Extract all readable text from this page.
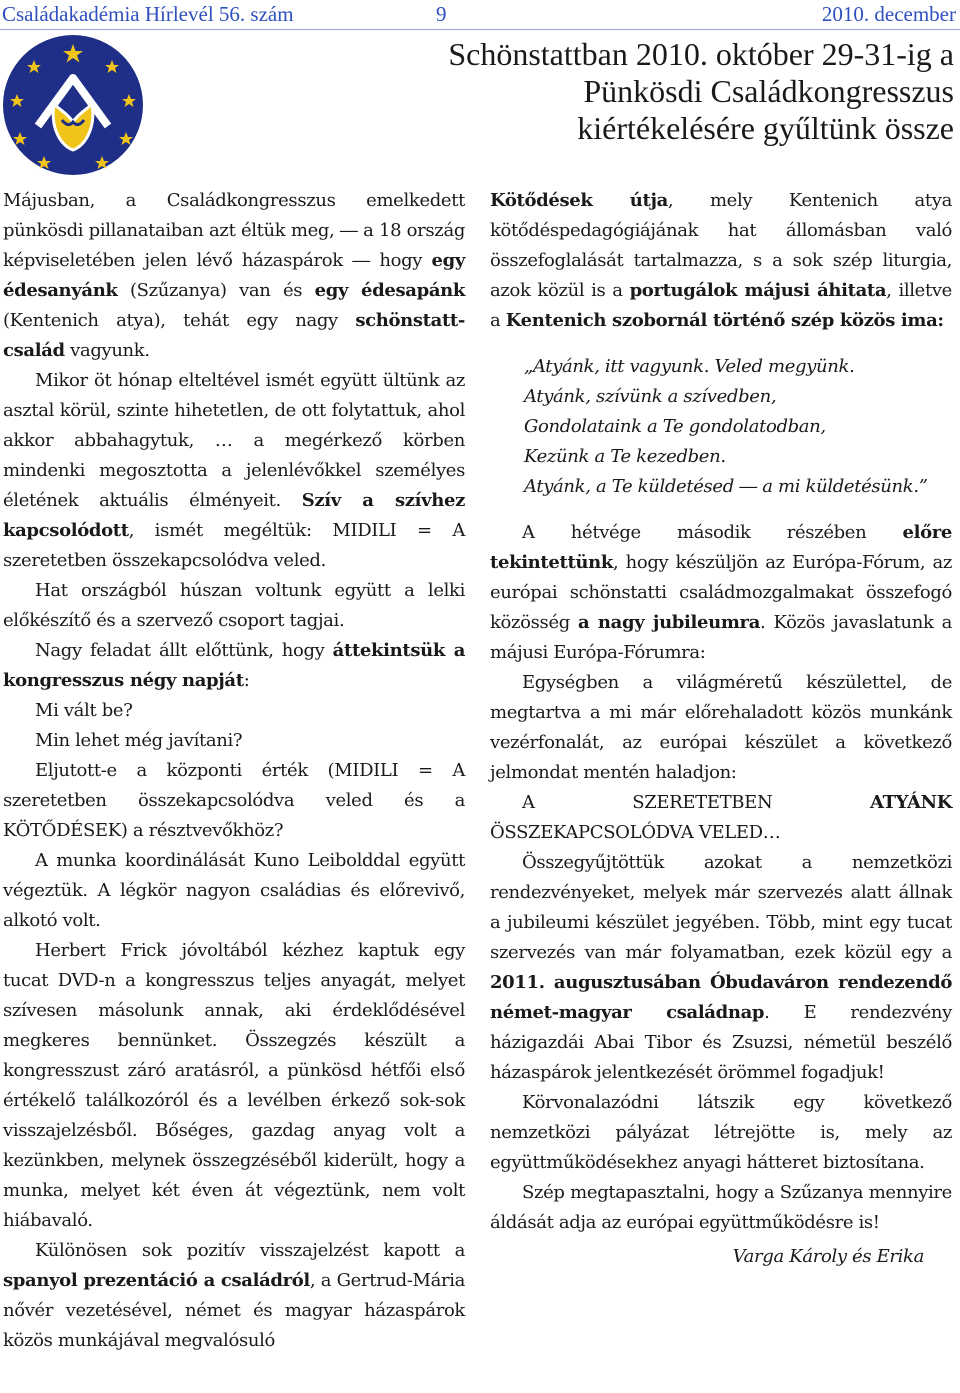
Családakadémia Hírlevél 56. szám	9	2010. december
Schönstattban 2010. október 29-31-ig a
Pünkösdi Családkongresszus
kiértékelésére gyűltünk össze

Májusban, a Családkongresszus emelkedett pünkösdi pillanataiban azt éltük meg, ― a 18 ország képviseletében jelen lévő házaspárok ― hogy egy édesanyánk (Szűzanya) van és egy édesapánk (Kentenich atya), tehát egy nagy schönstatt-család vagyunk.

Mikor öt hónap elteltével ismét együtt ültünk az asztal körül, szinte hihetetlen, de ott folytattuk, ahol akkor abbahagytuk, … a megérkező körben mindenki megosztotta a jelenlévőkkel személyes életének aktuális élményeit. Szív a szívhez kapcsolódott, ismét megéltük: MIDILI = A szeretetben összekapcsolódva veled.

Hat országból húszan voltunk együtt a lelki előkészítő és a szervező csoport tagjai.

Nagy feladat állt előttünk, hogy áttekintsük a kongresszus négy napját:

Mi vált be?

Min lehet még javítani?

Eljutott-e a központi érték (MIDILI = A szeretetben összekapcsolódva veled és a KÖTŐDÉSEK) a résztvevőkhöz?

A munka koordinálását Kuno Leibolddal együtt végeztük. A légkör nagyon családias és előrevivő, alkotó volt.

Herbert Frick jóvoltából kézhez kaptuk egy tucat DVD-n a kongresszus teljes anyagát, melyet szívesen másolunk annak, aki érdeklődésével megkeres bennünket. Összegzés készült a kongresszust záró aratásról, a pünkösd hétfői első értékelő találkozóról és a levélben érkező sok-sok visszajelzésből. Bőséges, gazdag anyag volt a kezünkben, melynek összegzéséből kiderült, hogy a munka, melyet két éven át végeztünk, nem volt hiábavaló.

Különösen sok pozitív visszajelzést kapott a spanyol prezentáció a családról, a Gertrud-Mária nővér vezetésével, német és magyar házaspárok közös munkájával megvalósuló

Kötődések útja, mely Kentenich atya kötődéspedagógiájának hat állomásban való összefoglalását tartalmazza, s a sok szép liturgia, azok közül is a portugálok májusi áhitata, illetve a Kentenich szobornál történő szép közös ima:

„Atyánk, itt vagyunk. Veled megyünk.

Atyánk, szívünk a szívedben,

Gondolataink a Te gondolatodban,

Kezünk a Te kezedben.

Atyánk, a Te küldetésed ― a mi küldetésünk.”

A hétvége második részében előre tekintettünk, hogy készüljön az Európa-Fórum, az európai schönstatti családmozgalmakat összefogó közösség a nagy jubileumra. Közös javaslatunk a májusi Európa-Fórumra:

Egységben a világméretű készülettel, de megtartva a mi már előrehaladott közös munkánk vezérfonalát, az európai készület a következő jelmondat mentén haladjon:

A SZERETETBEN ATYÁNK ÖSSZEKAPCSOLÓDVA VELED…

Összegyűjtöttük azokat a nemzetközi rendezvényeket, melyek már szervezés alatt állnak a jubileumi készület jegyében. Több, mint egy tucat szervezés van már folyamatban, ezek közül egy a 2011. augusztusában Óbudaváron rendezendő német-magyar családnap. E rendezvény házigazdái Abai Tibor és Zsuzsi, németül beszélő házaspárok jelentkezését örömmel fogadjuk!

Körvonalazódni látszik egy következő nemzetközi pályázat létrejötte is, mely az együttműködésekhez anyagi hátteret biztosítana.

Szép megtapasztalni, hogy a Szűzanya mennyire áldását adja az európai együttműködésre is!

Varga Károly és Erika
